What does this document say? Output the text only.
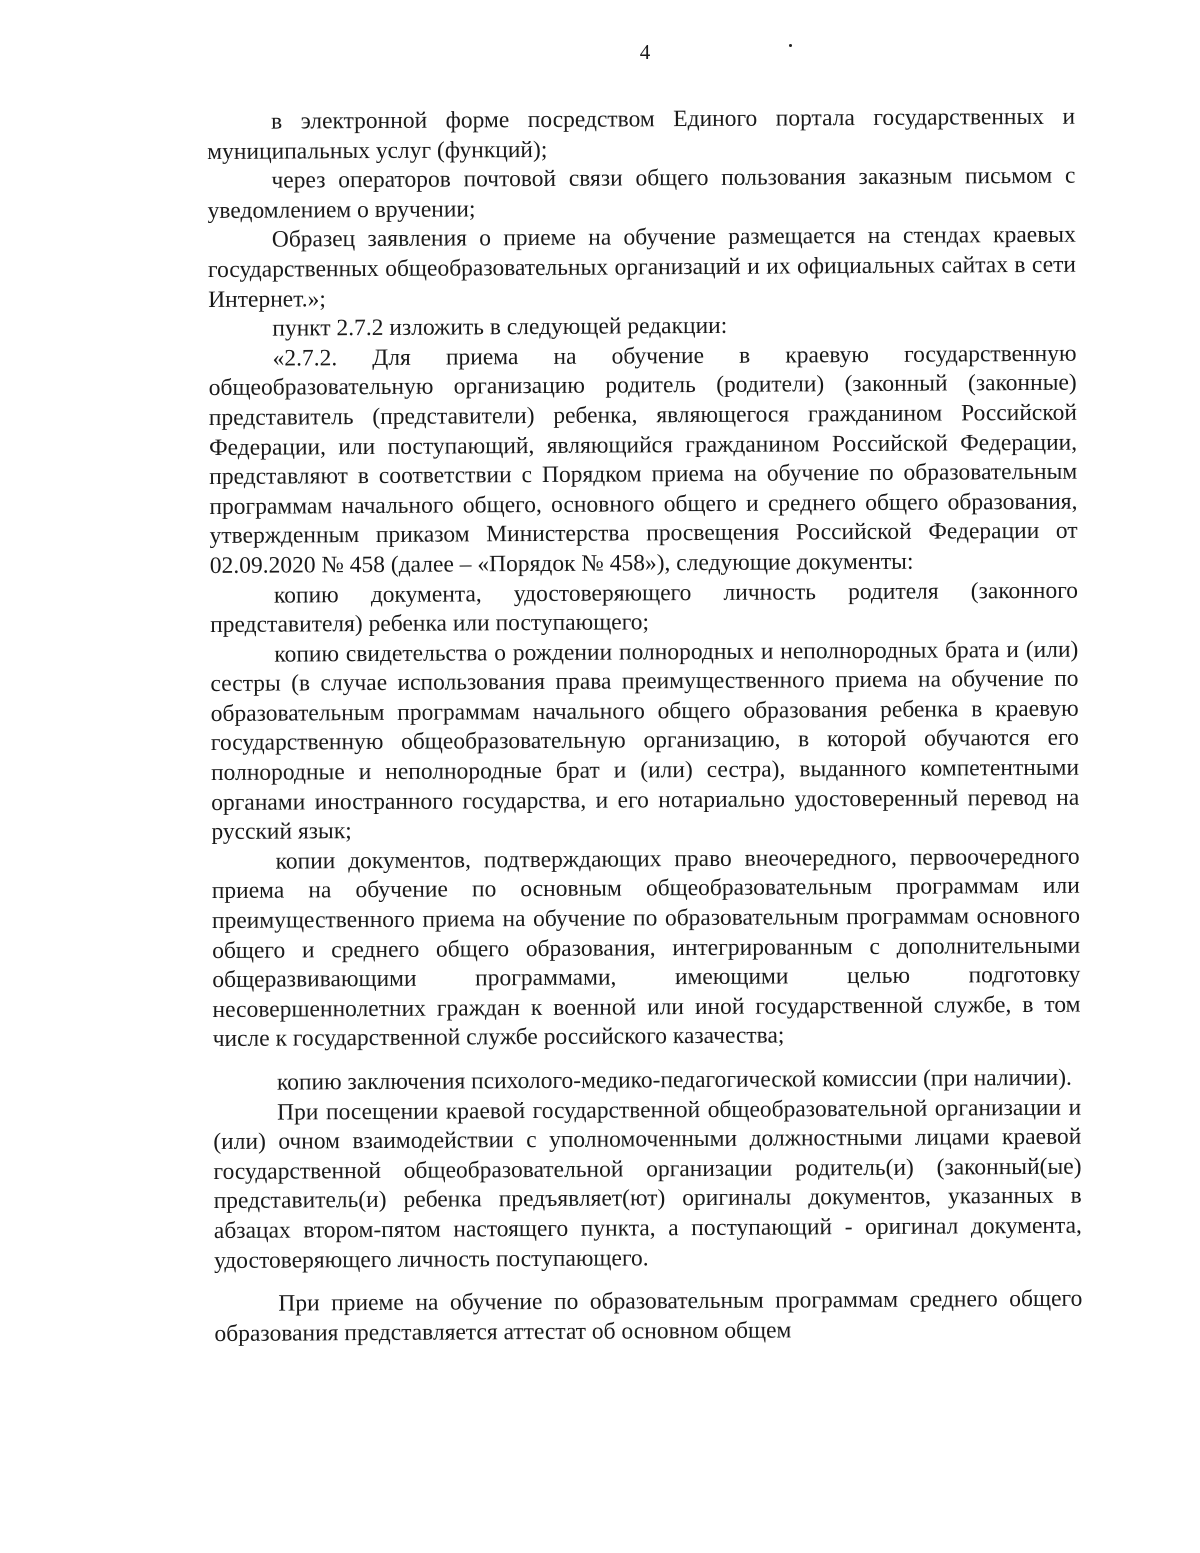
4

в электронной форме посредством Единого портала государственных и муниципальных услуг (функций);

через операторов почтовой связи общего пользования заказным письмом с уведомлением о вручении;

Образец заявления о приеме на обучение размещается на стендах краевых государственных общеобразовательных организаций и их официальных сайтах в сети Интернет.»;

пункт 2.7.2 изложить в следующей редакции:

«2.7.2. Для приема на обучение в краевую государственную общеобразовательную организацию родитель (родители) (законный (законные) представитель (представители) ребенка, являющегося гражданином Российской Федерации, или поступающий, являющийся гражданином Российской Федерации, представляют в соответствии с Порядком приема на обучение по образовательным программам начального общего, основного общего и среднего общего образования, утвержденным приказом Министерства просвещения Российской Федерации от 02.09.2020 № 458 (далее – «Порядок № 458»), следующие документы:

копию документа, удостоверяющего личность родителя (законного представителя) ребенка или поступающего;

копию свидетельства о рождении полнородных и неполнородных брата и (или) сестры (в случае использования права преимущественного приема на обучение по образовательным программам начального общего образования ребенка в краевую государственную общеобразовательную организацию, в которой обучаются его полнородные и неполнородные брат и (или) сестра), выданного компетентными органами иностранного государства, и его нотариально удостоверенный перевод на русский язык;

копии документов, подтверждающих право внеочередного, первоочередного приема на обучение по основным общеобразовательным программам или преимущественного приема на обучение по образовательным программам основного общего и среднего общего образования, интегрированным с дополнительными общеразвивающими программами, имеющими целью подготовку несовершеннолетних граждан к военной или иной государственной службе, в том числе к государственной службе российского казачества;

копию заключения психолого-медико-педагогической комиссии (при наличии).

При посещении краевой государственной общеобразовательной организации и (или) очном взаимодействии с уполномоченными должностными лицами краевой государственной общеобразовательной организации родитель(и) (законный(ые) представитель(и) ребенка предъявляет(ют) оригиналы документов, указанных в абзацах втором-пятом настоящего пункта, а поступающий - оригинал документа, удостоверяющего личность поступающего.

При приеме на обучение по образовательным программам среднего общего образования представляется аттестат об основном общем
